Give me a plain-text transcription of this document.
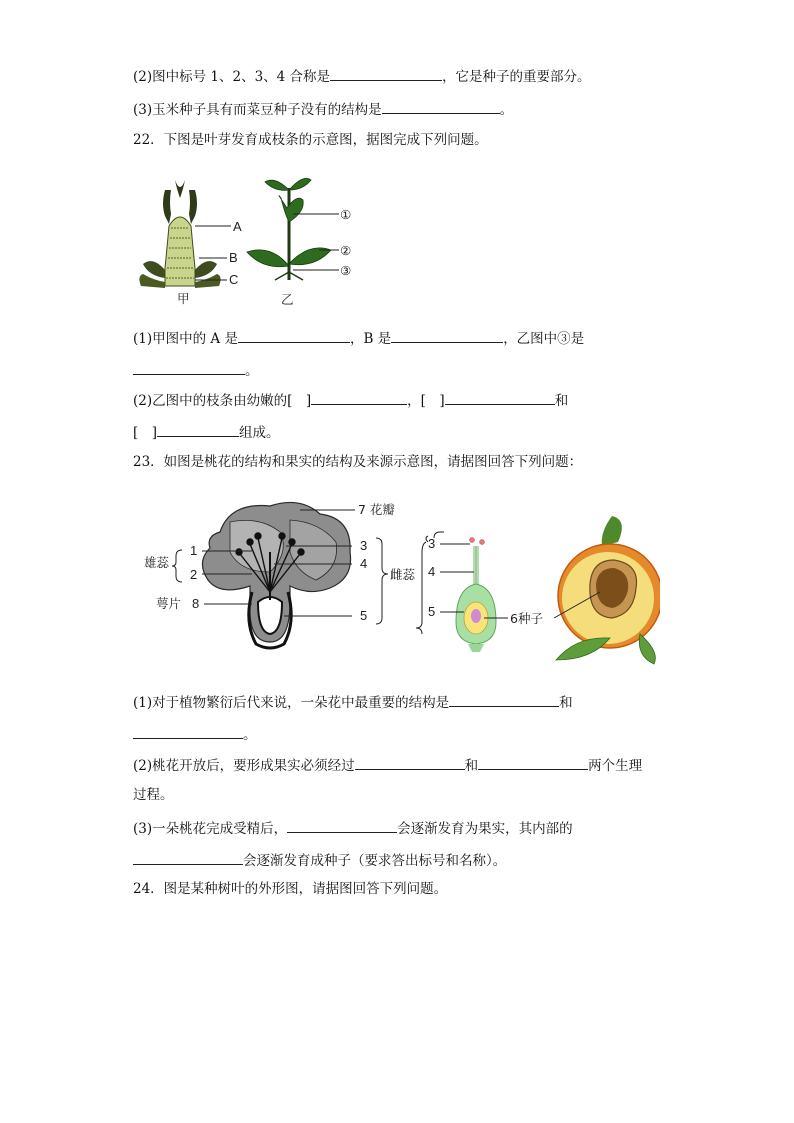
(2)图中标号 1、2、3、4 合称是	，它是种子的重要部分。
(3)玉米种子具有而菜豆种子没有的结构是	。
22．下图是叶芽发育成枝条的示意图，据图完成下列问题。
A
B
C
甲
①
②
③
乙
(1)甲图中的 A 是	，B 是	，乙图中③是
。
(2)乙图中的枝条由幼嫩的[　]	，[　]	和
[　]	组成。
23．如图是桃花的结构和果实的结构及来源示意图，请据图回答下列问题：
7 花瓣
雄蕊
1
2
萼片 8
3
4
5
雌蕊
3
4
5	6种子
(1)对于植物繁衍后代来说，一朵花中最重要的结构是	和
。
(2)桃花开放后，要形成果实必须经过	和	两个生理
过程。
(3)一朵桃花完成受精后，	会逐渐发育为果实，其内部的
会逐渐发育成种子（要求答出标号和名称）。
24．图是某种树叶的外形图，请据图回答下列问题。
